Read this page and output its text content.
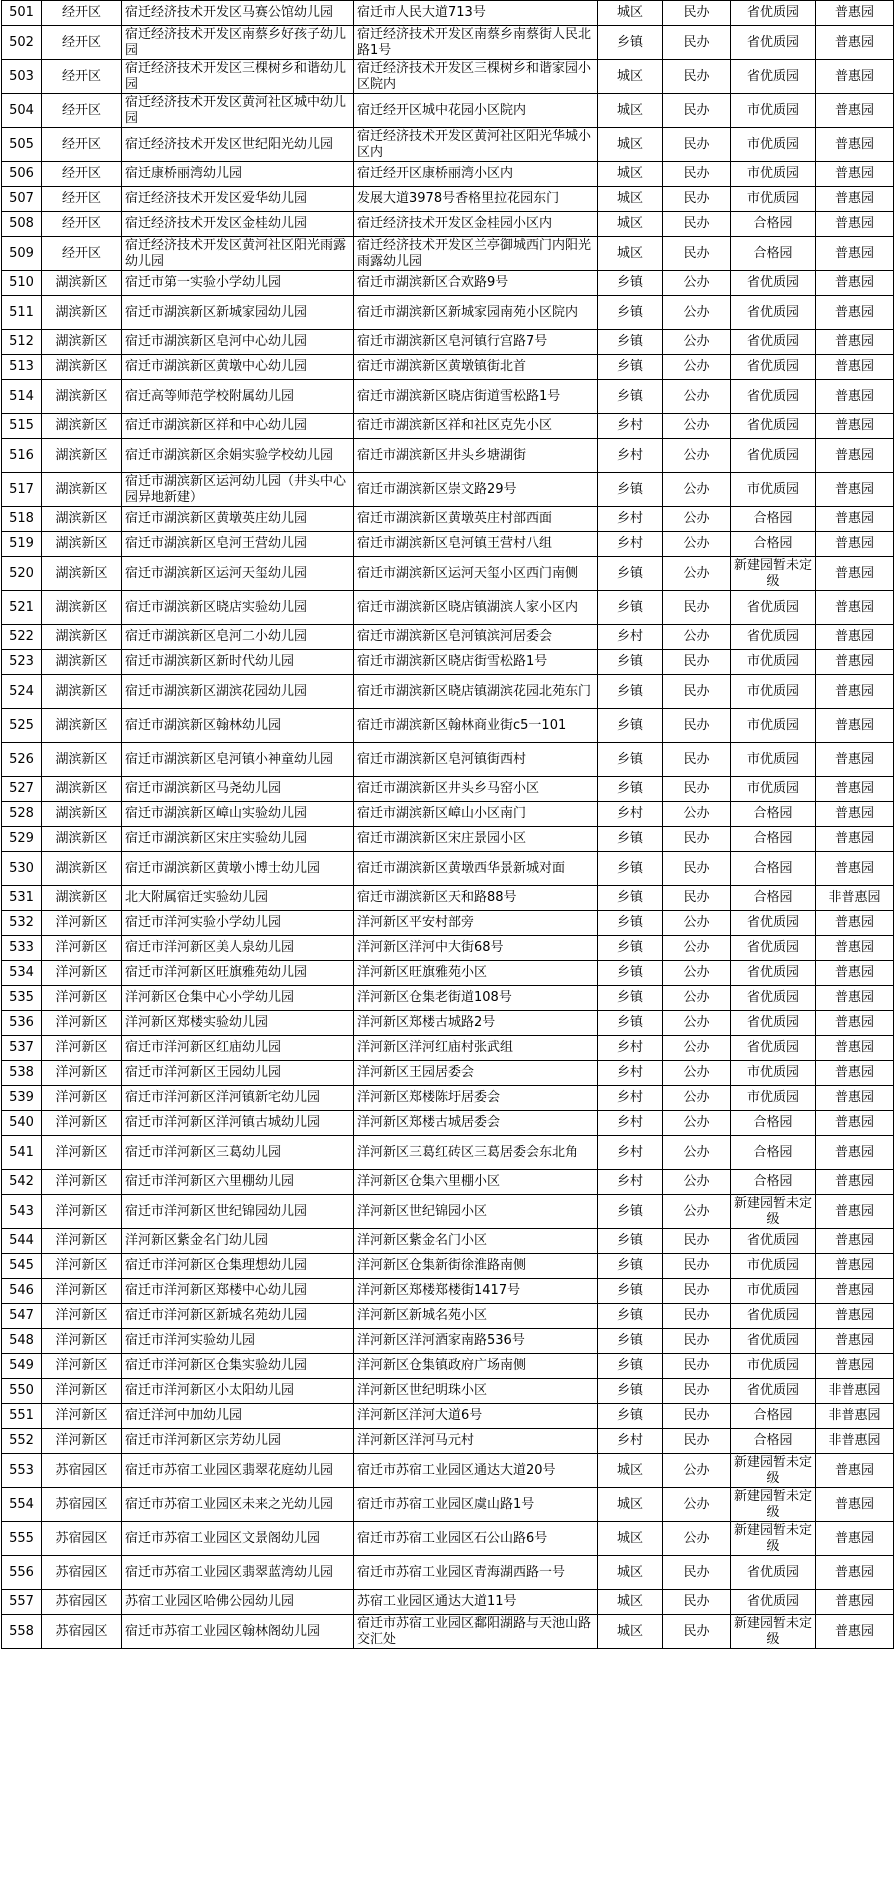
501	经开区	宿迁经济技术开发区马赛公馆幼儿园	宿迁市人民大道713号	城区	民办	省优质园	普惠园
502	经开区	宿迁经济技术开发区南蔡乡好孩子幼儿园	宿迁经济技术开发区南蔡乡南蔡街人民北路1号	乡镇	民办	省优质园	普惠园
503	经开区	宿迁经济技术开发区三棵树乡和谐幼儿园	宿迁经济技术开发区三棵树乡和谐家园小区院内	城区	民办	省优质园	普惠园
504	经开区	宿迁经济技术开发区黄河社区城中幼儿园	宿迁经开区城中花园小区院内	城区	民办	市优质园	普惠园
505	经开区	宿迁经济技术开发区世纪阳光幼儿园	宿迁经济技术开发区黄河社区阳光华城小区内	城区	民办	市优质园	普惠园
506	经开区	宿迁康桥丽湾幼儿园	宿迁经开区康桥丽湾小区内	城区	民办	市优质园	普惠园
507	经开区	宿迁经济技术开发区爱华幼儿园	发展大道3978号香格里拉花园东门	城区	民办	市优质园	普惠园
508	经开区	宿迁经济技术开发区金桂幼儿园	宿迁经济技术开发区金桂园小区内	城区	民办	合格园	普惠园
509	经开区	宿迁经济技术开发区黄河社区阳光雨露幼儿园	宿迁经济技术开发区兰亭御城西门内阳光雨露幼儿园	城区	民办	合格园	普惠园
510	湖滨新区	宿迁市第一实验小学幼儿园	宿迁市湖滨新区合欢路9号	乡镇	公办	省优质园	普惠园
511	湖滨新区	宿迁市湖滨新区新城家园幼儿园	宿迁市湖滨新区新城家园南苑小区院内	乡镇	公办	省优质园	普惠园
512	湖滨新区	宿迁市湖滨新区皂河中心幼儿园	宿迁市湖滨新区皂河镇行宫路7号	乡镇	公办	省优质园	普惠园
513	湖滨新区	宿迁市湖滨新区黄墩中心幼儿园	宿迁市湖滨新区黄墩镇街北首	乡镇	公办	省优质园	普惠园
514	湖滨新区	宿迁高等师范学校附属幼儿园	宿迁市湖滨新区晓店街道雪松路1号	乡镇	公办	省优质园	普惠园
515	湖滨新区	宿迁市湖滨新区祥和中心幼儿园	宿迁市湖滨新区祥和社区克先小区	乡村	公办	省优质园	普惠园
516	湖滨新区	宿迁市湖滨新区余娟实验学校幼儿园	宿迁市湖滨新区井头乡塘湖街	乡村	公办	省优质园	普惠园
517	湖滨新区	宿迁市湖滨新区运河幼儿园（井头中心园异地新建）	宿迁市湖滨新区崇文路29号	乡镇	公办	市优质园	普惠园
518	湖滨新区	宿迁市湖滨新区黄墩英庄幼儿园	宿迁市湖滨新区黄墩英庄村部西面	乡村	公办	合格园	普惠园
519	湖滨新区	宿迁市湖滨新区皂河王营幼儿园	宿迁市湖滨新区皂河镇王营村八组	乡村	公办	合格园	普惠园
520	湖滨新区	宿迁市湖滨新区运河天玺幼儿园	宿迁市湖滨新区运河天玺小区西门南侧	乡镇	公办	新建园暂未定级	普惠园
521	湖滨新区	宿迁市湖滨新区晓店实验幼儿园	宿迁市湖滨新区晓店镇湖滨人家小区内	乡镇	民办	省优质园	普惠园
522	湖滨新区	宿迁市湖滨新区皂河二小幼儿园	宿迁市湖滨新区皂河镇滨河居委会	乡村	公办	省优质园	普惠园
523	湖滨新区	宿迁市湖滨新区新时代幼儿园	宿迁市湖滨新区晓店街雪松路1号	乡镇	民办	市优质园	普惠园
524	湖滨新区	宿迁市湖滨新区湖滨花园幼儿园	宿迁市湖滨新区晓店镇湖滨花园北苑东门	乡镇	民办	市优质园	普惠园
525	湖滨新区	宿迁市湖滨新区翰林幼儿园	宿迁市湖滨新区翰林商业街c5一101	乡镇	民办	市优质园	普惠园
526	湖滨新区	宿迁市湖滨新区皂河镇小神童幼儿园	宿迁市湖滨新区皂河镇街西村	乡镇	民办	市优质园	普惠园
527	湖滨新区	宿迁市湖滨新区马尧幼儿园	宿迁市湖滨新区井头乡马窑小区	乡镇	民办	市优质园	普惠园
528	湖滨新区	宿迁市湖滨新区嶂山实验幼儿园	宿迁市湖滨新区嶂山小区南门	乡村	公办	合格园	普惠园
529	湖滨新区	宿迁市湖滨新区宋庄实验幼儿园	宿迁市湖滨新区宋庄景园小区	乡镇	民办	合格园	普惠园
530	湖滨新区	宿迁市湖滨新区黄墩小博士幼儿园	宿迁市湖滨新区黄墩西华景新城对面	乡镇	民办	合格园	普惠园
531	湖滨新区	北大附属宿迁实验幼儿园	宿迁市湖滨新区天和路88号	乡镇	民办	合格园	非普惠园
532	洋河新区	宿迁市洋河实验小学幼儿园	洋河新区平安村部旁	乡镇	公办	省优质园	普惠园
533	洋河新区	宿迁市洋河新区美人泉幼儿园	洋河新区洋河中大街68号	乡镇	公办	省优质园	普惠园
534	洋河新区	宿迁市洋河新区旺旗雅苑幼儿园	洋河新区旺旗雅苑小区	乡镇	公办	省优质园	普惠园
535	洋河新区	洋河新区仓集中心小学幼儿园	洋河新区仓集老街道108号	乡镇	公办	省优质园	普惠园
536	洋河新区	洋河新区郑楼实验幼儿园	洋河新区郑楼古城路2号	乡镇	公办	省优质园	普惠园
537	洋河新区	宿迁市洋河新区红庙幼儿园	洋河新区洋河红庙村张武组	乡村	公办	省优质园	普惠园
538	洋河新区	宿迁市洋河新区王园幼儿园	洋河新区王园居委会	乡村	公办	市优质园	普惠园
539	洋河新区	宿迁市洋河新区洋河镇新宅幼儿园	洋河新区郑楼陈圩居委会	乡村	公办	市优质园	普惠园
540	洋河新区	宿迁市洋河新区洋河镇古城幼儿园	洋河新区郑楼古城居委会	乡村	公办	合格园	普惠园
541	洋河新区	宿迁市洋河新区三葛幼儿园	洋河新区三葛红砖区三葛居委会东北角	乡村	公办	合格园	普惠园
542	洋河新区	宿迁市洋河新区六里棚幼儿园	洋河新区仓集六里棚小区	乡村	公办	合格园	普惠园
543	洋河新区	宿迁市洋河新区世纪锦园幼儿园	洋河新区世纪锦园小区	乡镇	公办	新建园暂未定级	普惠园
544	洋河新区	洋河新区紫金名门幼儿园	洋河新区紫金名门小区	乡镇	民办	省优质园	普惠园
545	洋河新区	宿迁市洋河新区仓集理想幼儿园	洋河新区仓集新街徐淮路南侧	乡镇	民办	市优质园	普惠园
546	洋河新区	宿迁市洋河新区郑楼中心幼儿园	洋河新区郑楼郑楼街1417号	乡镇	民办	市优质园	普惠园
547	洋河新区	宿迁市洋河新区新城名苑幼儿园	洋河新区新城名苑小区	乡镇	民办	省优质园	普惠园
548	洋河新区	宿迁市洋河实验幼儿园	洋河新区洋河酒家南路536号	乡镇	民办	省优质园	普惠园
549	洋河新区	宿迁市洋河新区仓集实验幼儿园	洋河新区仓集镇政府广场南侧	乡镇	民办	市优质园	普惠园
550	洋河新区	宿迁市洋河新区小太阳幼儿园	洋河新区世纪明珠小区	乡镇	民办	省优质园	非普惠园
551	洋河新区	宿迁洋河中加幼儿园	洋河新区洋河大道6号	乡镇	民办	合格园	非普惠园
552	洋河新区	宿迁市洋河新区宗芳幼儿园	洋河新区洋河马元村	乡村	民办	合格园	非普惠园
553	苏宿园区	宿迁市苏宿工业园区翡翠花庭幼儿园	宿迁市苏宿工业园区通达大道20号	城区	公办	新建园暂未定级	普惠园
554	苏宿园区	宿迁市苏宿工业园区未来之光幼儿园	宿迁市苏宿工业园区虞山路1号	城区	公办	新建园暂未定级	普惠园
555	苏宿园区	宿迁市苏宿工业园区文景阁幼儿园	宿迁市苏宿工业园区石公山路6号	城区	公办	新建园暂未定级	普惠园
556	苏宿园区	宿迁市苏宿工业园区翡翠蓝湾幼儿园	宿迁市苏宿工业园区青海湖西路一号	城区	民办	省优质园	普惠园
557	苏宿园区	苏宿工业园区哈佛公园幼儿园	苏宿工业园区通达大道11号	城区	民办	省优质园	普惠园
558	苏宿园区	宿迁市苏宿工业园区翰林阁幼儿园	宿迁市苏宿工业园区鄱阳湖路与天池山路交汇处	城区	民办	新建园暂未定级	普惠园
